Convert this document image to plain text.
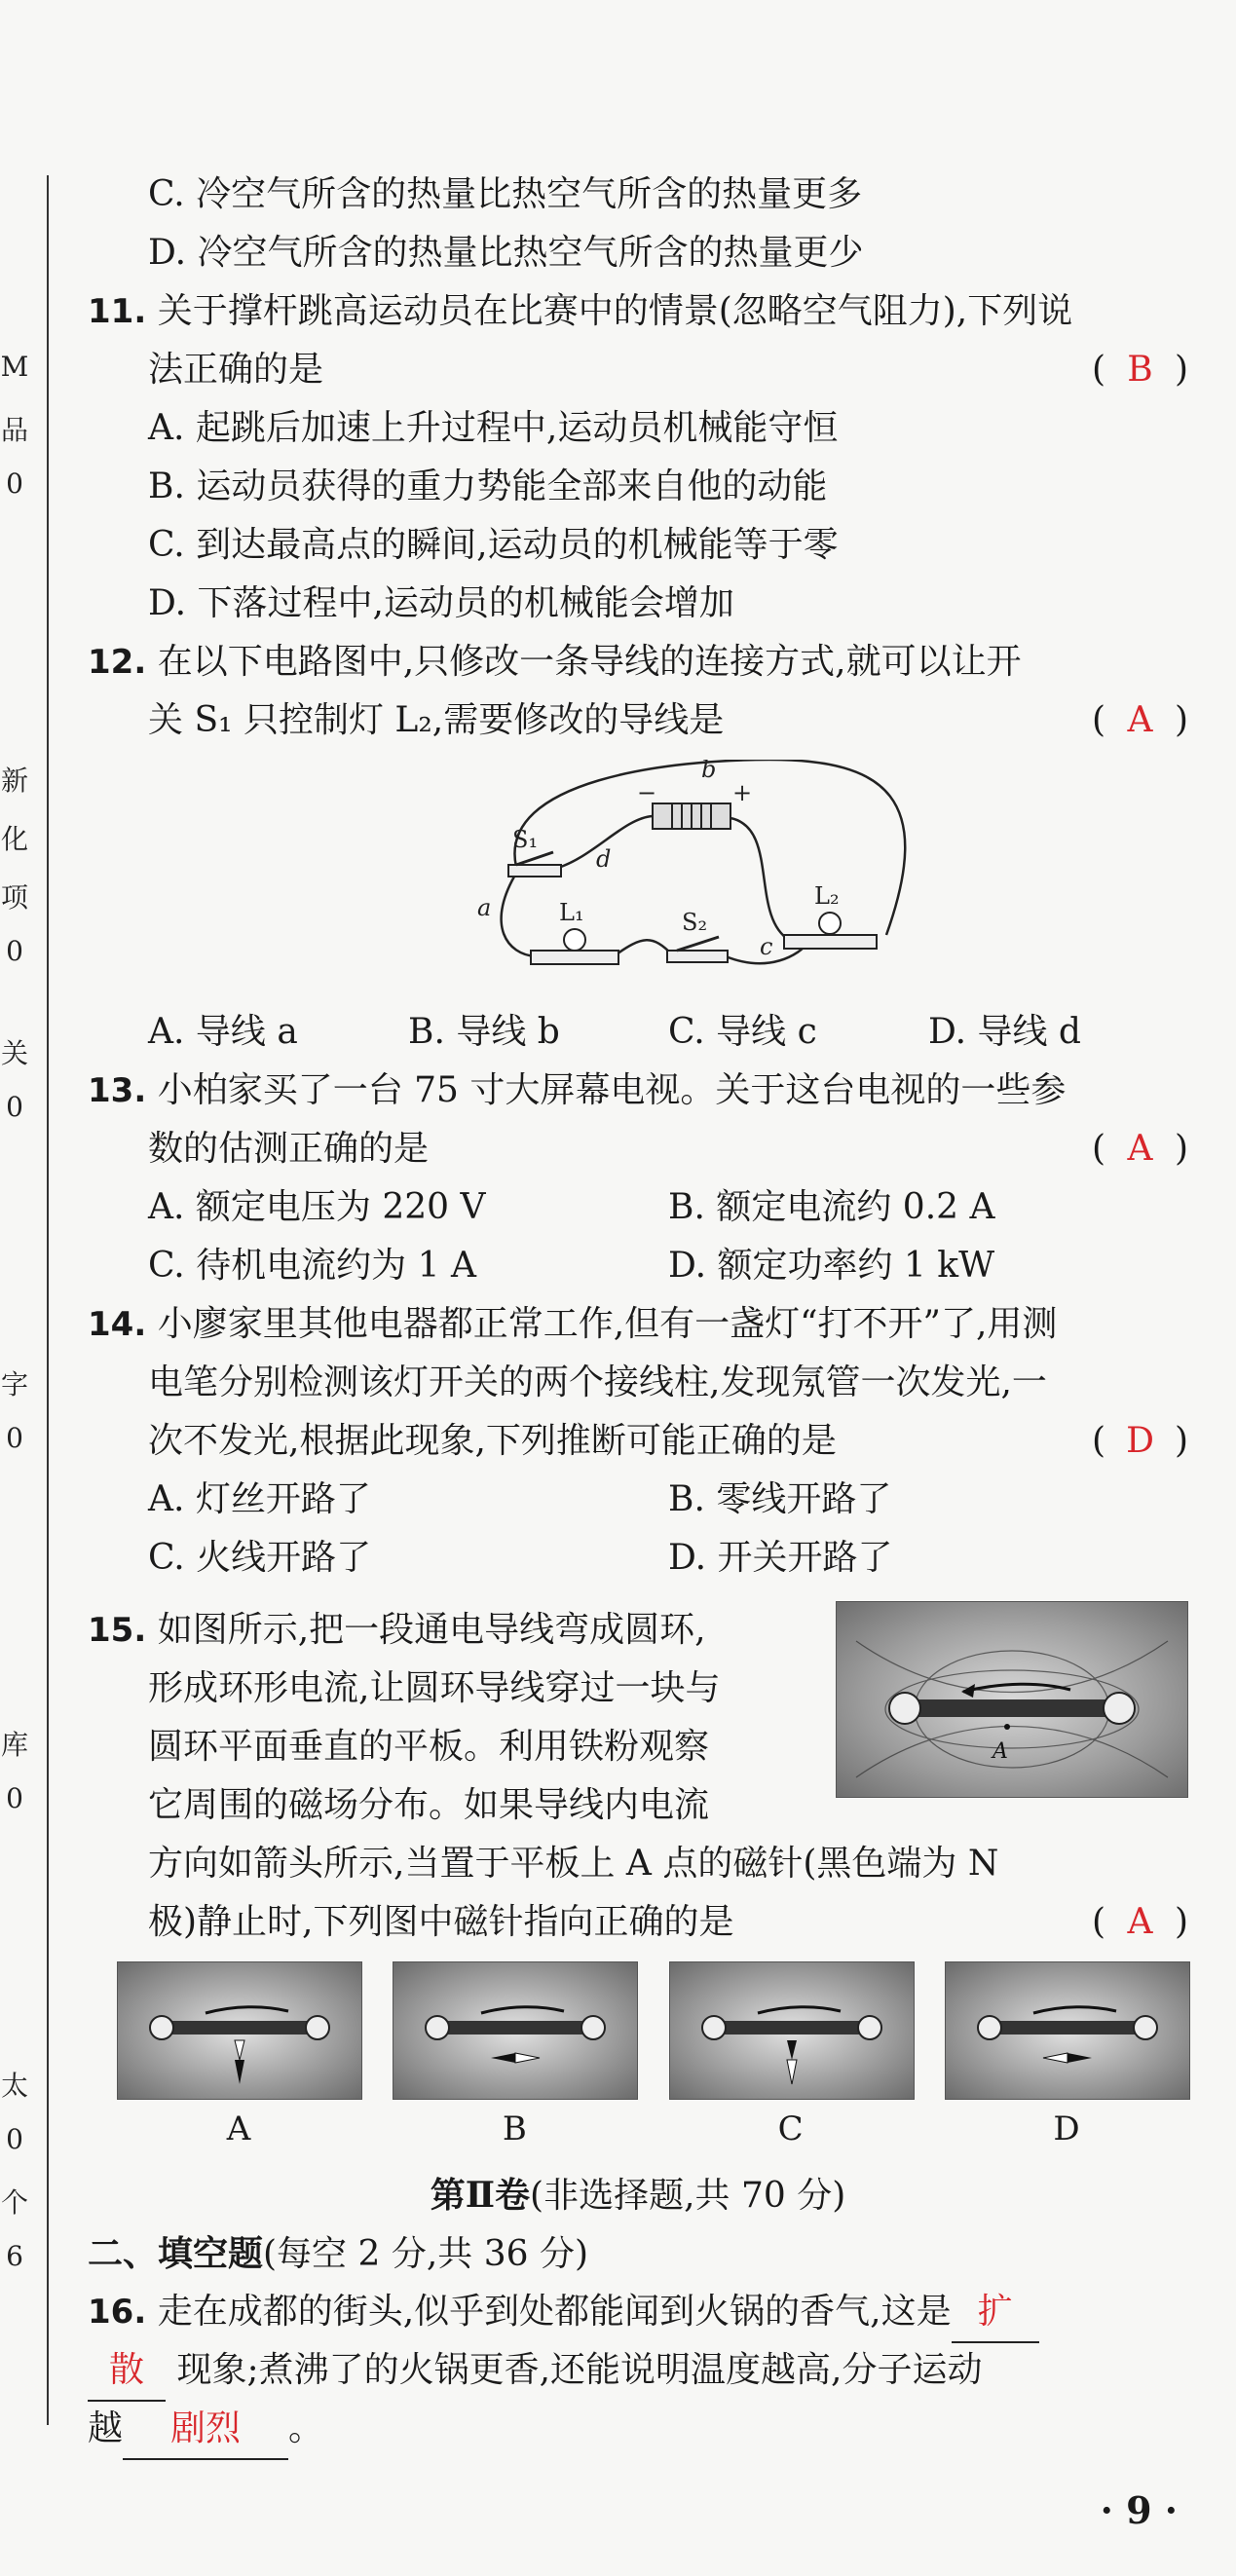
M
品
0
新
化
项
0
关
0
字
0
库
0
太
0
个
6
C. 冷空气所含的热量比热空气所含的热量更多
D. 冷空气所含的热量比热空气所含的热量更少
11. 关于撑杆跳高运动员在比赛中的情景(忽略空气阻力),下列说
法正确的是	( B )
A. 起跳后加速上升过程中,运动员机械能守恒
B. 运动员获得的重力势能全部来自他的动能
C. 到达最高点的瞬间,运动员的机械能等于零
D. 下落过程中,运动员的机械能会增加
12. 在以下电路图中,只修改一条导线的连接方式,就可以让开
关 S₁ 只控制灯 L₂,需要修改的导线是	( A )
b
d
a
c
S₁
S₂
L₁
L₂
+
−
A. 导线 a	B. 导线 b	C. 导线 c	D. 导线 d
13. 小柏家买了一台 75 寸大屏幕电视。关于这台电视的一些参
数的估测正确的是	( A )
A. 额定电压为 220 V	B. 额定电流约 0.2 A
C. 待机电流约为 1 A	D. 额定功率约 1 kW
14. 小廖家里其他电器都正常工作,但有一盏灯“打不开”了,用测
电笔分别检测该灯开关的两个接线柱,发现氖管一次发光,一
次不发光,根据此现象,下列推断可能正确的是	( D )
A. 灯丝开路了	B. 零线开路了
C. 火线开路了	D. 开关开路了
A
15. 如图所示,把一段通电导线弯成圆环,
形成环形电流,让圆环导线穿过一块与
圆环平面垂直的平板。利用铁粉观察
它周围的磁场分布。如果导线内电流
方向如箭头所示,当置于平板上 A 点的磁针(黑色端为 N
极)静止时,下列图中磁针指向正确的是	( A )
A	B	C	D
第Ⅱ卷(非选择题,共 70 分)
二、填空题(每空 2 分,共 36 分)
16. 走在成都的街头,似乎到处都能闻到火锅的香气,这是 扩
散 现象;煮沸了的火锅更香,还能说明温度越高,分子运动
越 剧烈 。
· 9 ·
